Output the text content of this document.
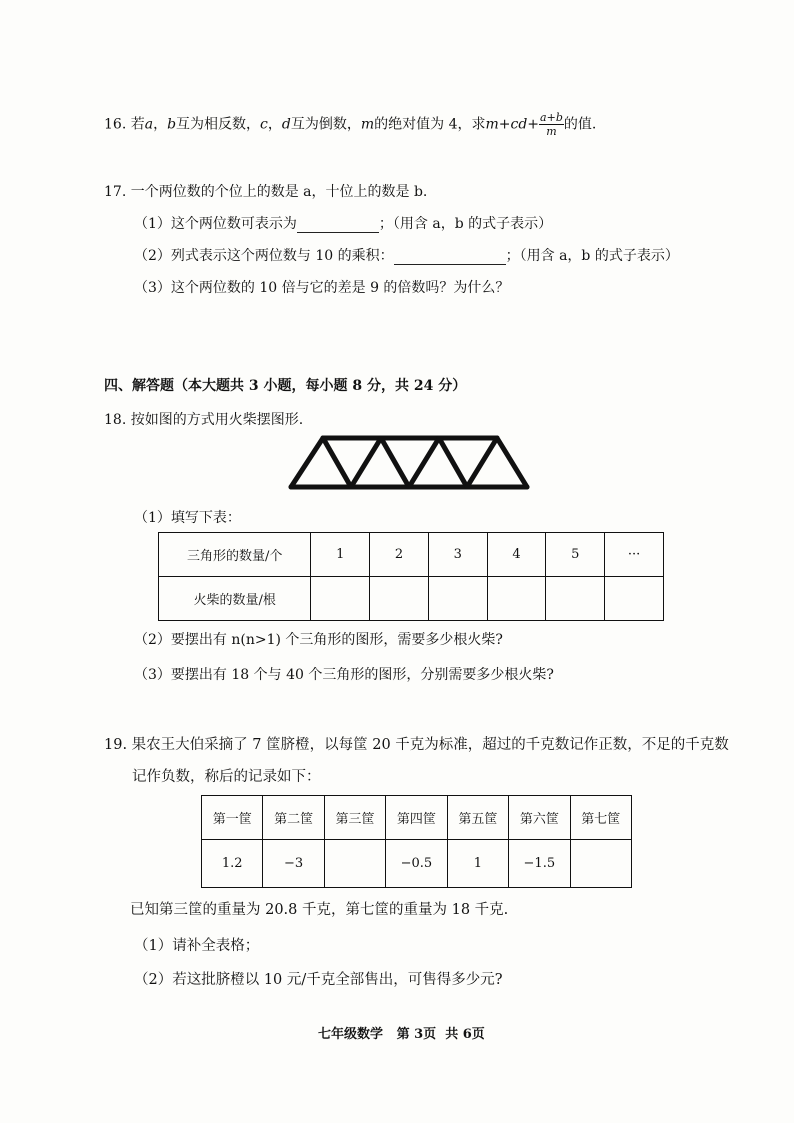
16. 若a，b互为相反数，c，d互为倒数，m的绝对值为 4，求$m+cd+ \frac{a+b}{m}$ 的值.
17. 一个两位数的个位上的数是 a，十位上的数是 b.
（1）这个两位数可表示为	；（用含 a，b 的式子表示）
（2）列式表示这个两位数与 10 的乘积：	；（用含 a，b 的式子表示）
（3）这个两位数的 10 倍与它的差是 9 的倍数吗？为什么？
四、解答题（本大题共 3 小题，每小题 8 分，共 24 分）
18. 按如图的方式用火柴摆图形.
（1）填写下表：
三角形的数量/个	1	2	3	4	5	···
火柴的数量/根						
（2）要摆出有 n(n>1) 个三角形的图形，需要多少根火柴?
（3）要摆出有 18 个与 40 个三角形的图形，分别需要多少根火柴?
19. 果农王大伯采摘了 7 筐脐橙，以每筐 20 千克为标准，超过的千克数记作正数，不足的千克数
记作负数，称后的记录如下：
第一筐	第二筐	第三筐	第四筐	第五筐	第六筐	第七筐
1.2	−3		−0.5	1	−1.5	
已知第三筐的重量为 20.8 千克，第七筐的重量为 18 千克.
（1）请补全表格；
（2）若这批脐橙以 10 元/千克全部售出，可售得多少元?
七年级数学   第 3页  共 6页
